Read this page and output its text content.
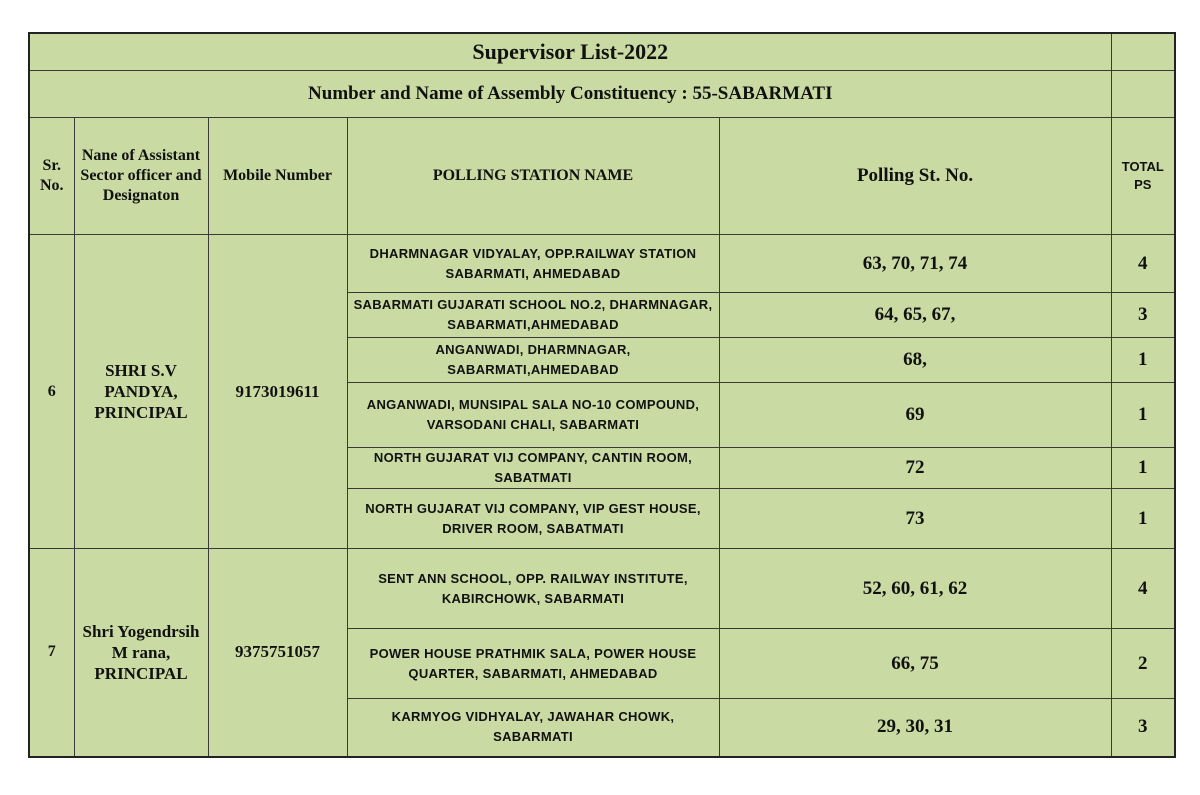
Supervisor List-2022					
Number and Name of Assembly Constituency : 55-SABARMATI					
Sr. No.	Nane of Assistant Sector officer and Designaton	Mobile Number	POLLING STATION NAME	Polling St. No.	TOTAL PS
6	SHRI S.V PANDYA, PRINCIPAL	9173019611	DHARMNAGAR VIDYALAY, OPP.RAILWAY STATION SABARMATI, AHMEDABAD	63, 70, 71, 74	4
			SABARMATI GUJARATI SCHOOL NO.2, DHARMNAGAR, SABARMATI,AHMEDABAD	64, 65, 67,	3
			ANGANWADI, DHARMNAGAR, SABARMATI,AHMEDABAD	68,	1
			ANGANWADI, MUNSIPAL SALA NO-10 COMPOUND, VARSODANI CHALI, SABARMATI	69	1
			NORTH GUJARAT VIJ COMPANY, CANTIN ROOM, SABATMATI	72	1
			NORTH GUJARAT VIJ COMPANY, VIP GEST HOUSE, DRIVER ROOM, SABATMATI	73	1
7	Shri Yogendrsih M rana, PRINCIPAL	9375751057	SENT ANN SCHOOL, OPP. RAILWAY INSTITUTE, KABIRCHOWK, SABARMATI	52, 60, 61, 62	4
			POWER HOUSE PRATHMIK SALA, POWER HOUSE QUARTER, SABARMATI, AHMEDABAD	66, 75	2
			KARMYOG VIDHYALAY, JAWAHAR CHOWK, SABARMATI	29, 30, 31	3
